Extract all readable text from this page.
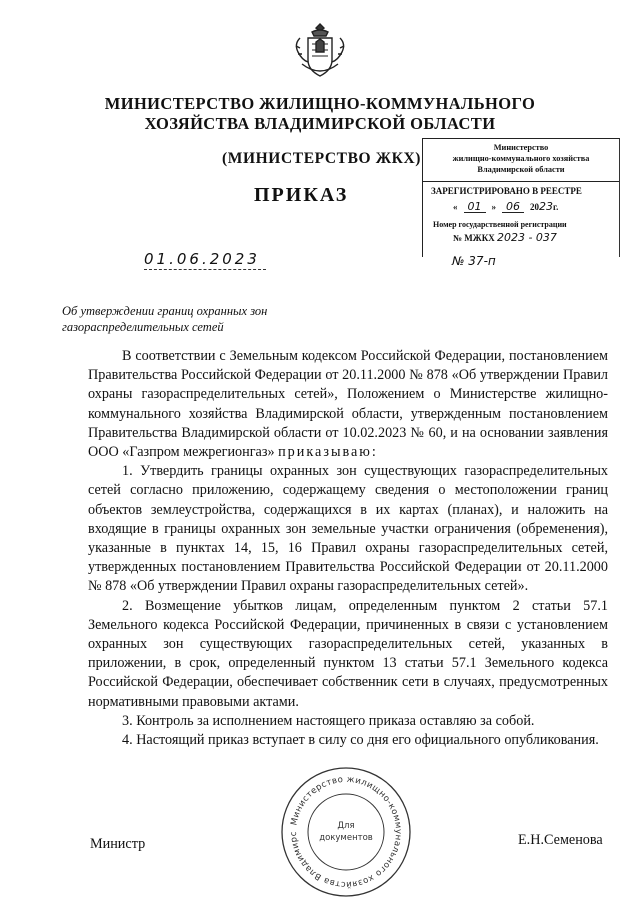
МИНИСТЕРСТВО ЖИЛИЩНО-КОММУНАЛЬНОГО
ХОЗЯЙСТВА ВЛАДИМИРСКОЙ ОБЛАСТИ
(МИНИСТЕРСТВО ЖКХ)
ПРИКАЗ
Министерство
жилищно-коммунального хозяйства
Владимирской области
ЗАРЕГИСТРИРОВАНО В РЕЕСТРЕ
« 01	» 06	2023г.
Номер государственной регистрации
№ МЖКХ 2023 - 037
№ 37-п
01.06.2023
Об утверждении границ охранных зон
газораспределительных сетей

В соответствии с Земельным кодексом Российской Федерации, постановлением Правительства Российской Федерации от 20.11.2000 № 878 «Об утверждении Правил охраны газораспределительных сетей», Положением о Министерстве жилищно-коммунального хозяйства Владимирской области, утвержденным постановлением Правительства Владимирской области от 10.02.2023 № 60, и на основании заявления ООО «Газпром межрегионгаз» приказываю:

1. Утвердить границы охранных зон существующих газораспределительных сетей согласно приложению, содержащему сведения о местоположении границ объектов землеустройства, содержащихся в их картах (планах), и наложить на входящие в границы охранных зон земельные участки ограничения (обременения), указанные в пунктах 14, 15, 16 Правил охраны газораспределительных сетей, утвержденных постановлением Правительства Российской Федерации от 20.11.2000 № 878 «Об утверждении Правил охраны газораспределительных сетей».

2. Возмещение убытков лицам, определенным пунктом 2 статьи 57.1 Земельного кодекса Российской Федерации, причиненных в связи с установлением охранных зон существующих газораспределительных сетей, указанных в приложении, в срок, определенный пунктом 13 статьи 57.1 Земельного кодекса Российской Федерации, обеспечивает собственник сети в случаях, предусмотренных нормативными правовыми актами.

3. Контроль за исполнением настоящего приказа оставляю за собой.

4. Настоящий приказ вступает в силу со дня его официального опубликования.

Министр	Е.Н.Семенова
Министерство жилищно-коммунального хозяйства Владимирс
Для
документов
